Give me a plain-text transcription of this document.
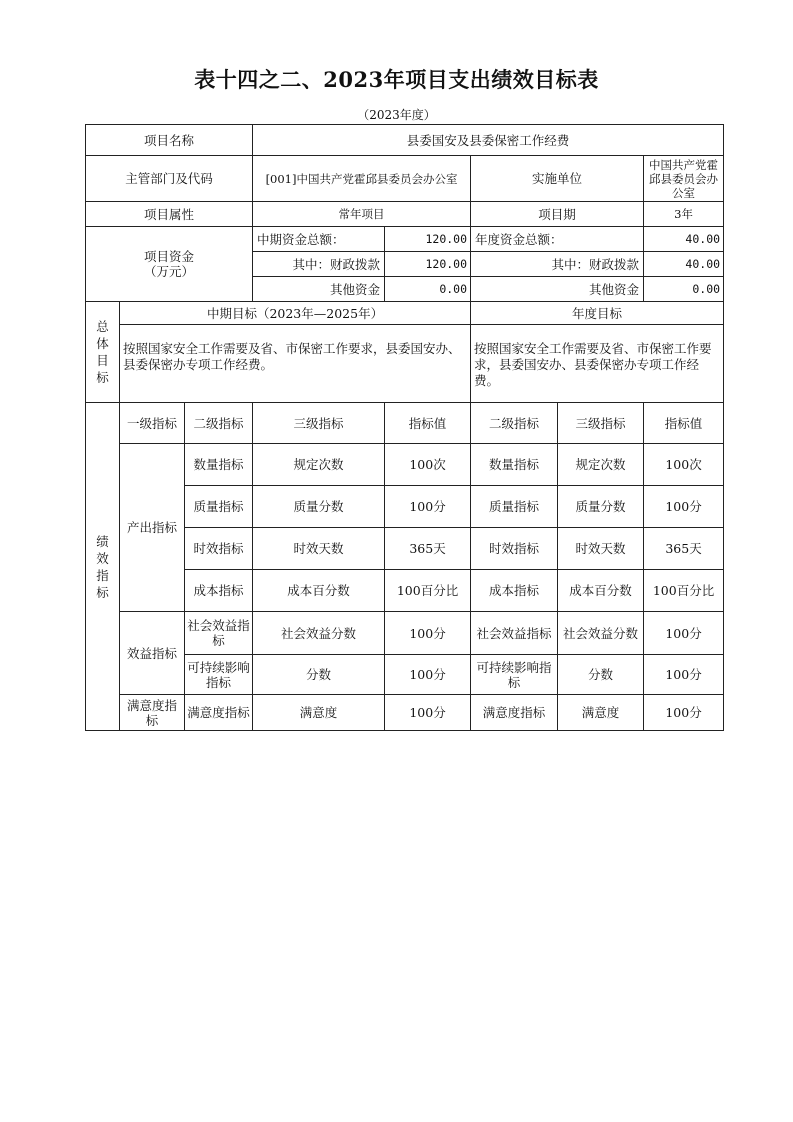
表十四之二、2023年项目支出绩效目标表
（2023年度）
项目名称			县委国安及县委保密工作经费				
主管部门及代码			[001]中国共产党霍邱县委员会办公室		实施单位		中国共产党霍邱县委员会办公室
项目属性			常年项目		项目期		3年

项目资金
（万元）			中期资金总额：	120.00	年度资金总额：		40.00
			其中：财政拨款	120.00	其中：财政拨款		40.00
			其他资金	0.00	其他资金		0.00

总体目标	中期目标（2023年—2025年）				年度目标		
	按照国家安全工作需要及省、市保密工作要求，县委国安办、县委保密办专项工作经费。				按照国家安全工作需要及省、市保密工作要求，县委国安办、县委保密办专项工作经费。		

绩效指标	一级指标	二级指标	三级指标	指标值	二级指标	三级指标	指标值
	产出指标	数量指标	规定次数	100次	数量指标	规定次数	100次
		质量指标	质量分数	100分	质量指标	质量分数	100分
		时效指标	时效天数	365天	时效指标	时效天数	365天
		成本指标	成本百分数	100百分比	成本指标	成本百分数	100百分比
	效益指标	社会效益指标	社会效益分数	100分	社会效益指标	社会效益分数	100分
		可持续影响指标	分数	100分	可持续影响指标	分数	100分
	满意度指标	满意度指标	满意度	100分	满意度指标	满意度	100分
